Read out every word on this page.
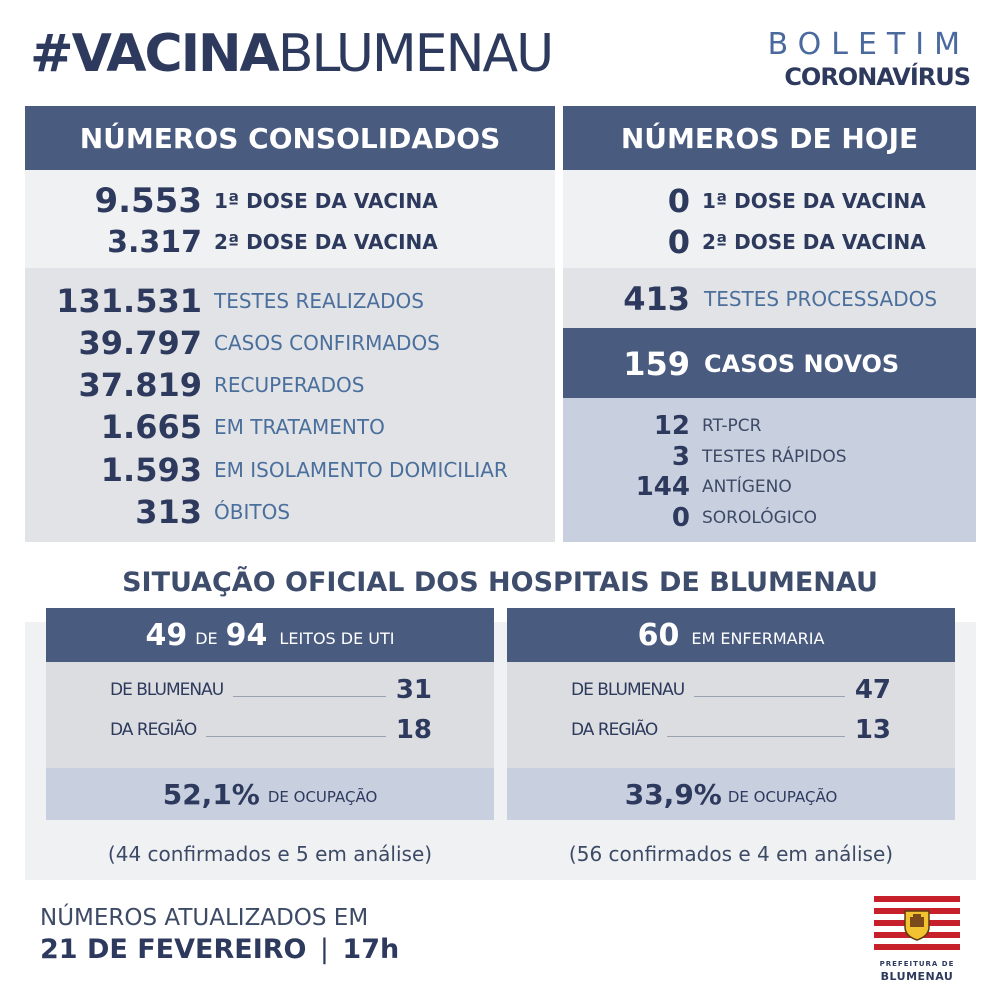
#VACINABLUMENAU	BOLETIM
CORONAVÍRUS
NÚMEROS CONSOLIDADOS
9.553 1ª DOSE DA VACINA
3.317 2ª DOSE DA VACINA
131.531 TESTES REALIZADOS
39.797 CASOS CONFIRMADOS
37.819 RECUPERADOS
1.665 EM TRATAMENTO
1.593 EM ISOLAMENTO DOMICILIAR
313 ÓBITOS
NÚMEROS DE HOJE
0 1ª DOSE DA VACINA
0 2ª DOSE DA VACINA
413 TESTES PROCESSADOS
159 CASOS NOVOS
12 RT-PCR
3 TESTES RÁPIDOS
144 ANTÍGENO
0 SOROLÓGICO
SITUAÇÃO OFICIAL DOS HOSPITAIS DE BLUMENAU
49 DE 94 LEITOS DE UTI
DE BLUMENAU	31
DA REGIÃO	18
52,1% DE OCUPAÇÃO
(44 confirmados e 5 em análise)
60 EM ENFERMARIA
DE BLUMENAU	47
DA REGIÃO	13
33,9% DE OCUPAÇÃO
(56 confirmados e 4 em análise)
NÚMEROS ATUALIZADOS EM
21 DE FEVEREIRO | 17h	PREFEITURA DE
BLUMENAU
